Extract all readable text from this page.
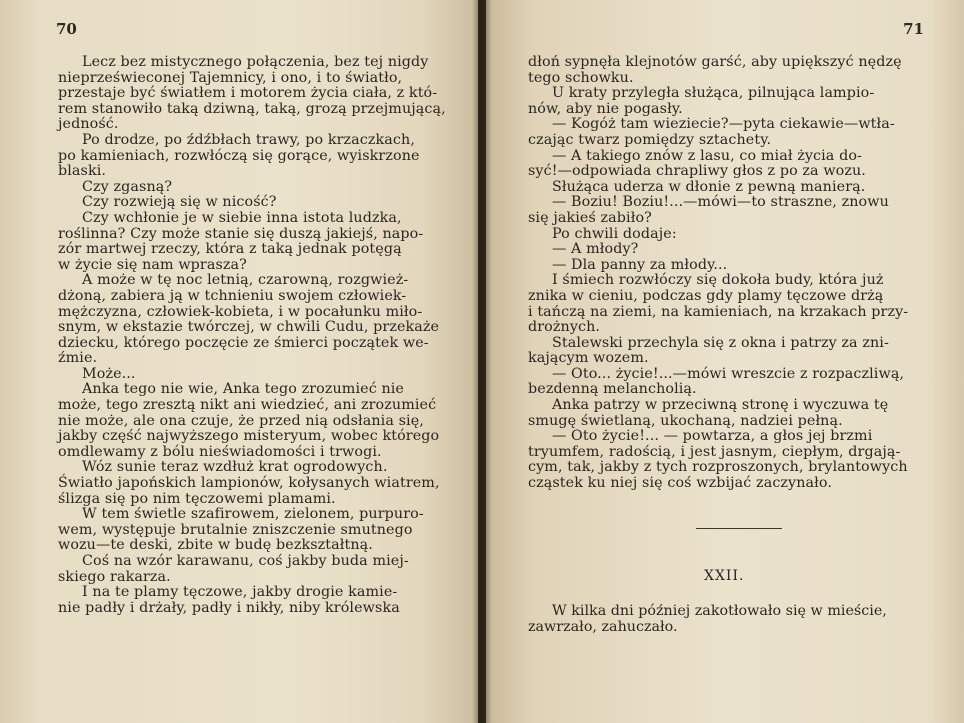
70
Lecz bez mistycznego połączenia, bez tej nigdy
nieprześwieconej Tajemnicy, i ono, i to światło,
przestaje być światłem i motorem życia ciała, z któ-
rem stanowiło taką dziwną, taką, grozą przejmującą,
jedność.
Po drodze, po źdźbłach trawy, po krzaczkach,
po kamieniach, rozwłóczą się gorące, wyiskrzone
blaski.
Czy zgasną?
Czy rozwieją się w nicość?
Czy wchłonie je w siebie inna istota ludzka,
roślinna? Czy może stanie się duszą jakiejś, napo-
zór martwej rzeczy, która z taką jednak potęgą
w życie się nam wprasza?
A może w tę noc letnią, czarowną, rozgwież-
dżoną, zabiera ją w tchnieniu swojem człowiek-
mężczyzna, człowiek-kobieta, i w pocałunku miło-
snym, w ekstazie twórczej, w chwili Cudu, przekaże
dziecku, którego poczęcie ze śmierci początek we-
źmie.
Może...
Anka tego nie wie, Anka tego zrozumieć nie
może, tego zresztą nikt ani wiedzieć, ani zrozumieć
nie może, ale ona czuje, że przed nią odsłania się,
jakby część najwyższego misteryum, wobec którego
omdlewamy z bólu nieświadomości i trwogi.
Wóz sunie teraz wzdłuż krat ogrodowych.
Światło japońskich lampionów, kołysanych wiatrem,
ślizga się po nim tęczowemi plamami.
W tem świetle szafirowem, zielonem, purpuro-
wem, występuje brutalnie zniszczenie smutnego
wozu—te deski, zbite w budę bezkształtną.
Coś na wzór karawanu, coś jakby buda miej-
skiego rakarza.
I na te plamy tęczowe, jakby drogie kamie-
nie padły i drżały, padły i nikły, niby królewska
71
dłoń sypnęła klejnotów garść, aby upiększyć nędzę
tego schowku.
U kraty przyległa służąca, pilnująca lampio-
nów, aby nie pogasły.
— Kogóż tam wieziecie?—pyta ciekawie—wtła-
czając twarz pomiędzy sztachety.
— A takiego znów z lasu, co miał życia do-
syć!—odpowiada chrapliwy głos z po za wozu.
Służąca uderza w dłonie z pewną manierą.
— Boziu! Boziu!...—mówi—to straszne, znowu
się jakieś zabiło?
Po chwili dodaje:
— A młody?
— Dla panny za młody...
I śmiech rozwłóczy się dokoła budy, która już
znika w cieniu, podczas gdy plamy tęczowe drżą
i tańczą na ziemi, na kamieniach, na krzakach przy-
drożnych.
Stalewski przechyla się z okna i patrzy za zni-
kającym wozem.
— Oto... życie!...—mówi wreszcie z rozpaczliwą,
bezdenną melancholią.
Anka patrzy w przeciwną stronę i wyczuwa tę
smugę świetlaną, ukochaną, nadziei pełną.
— Oto życie!... — powtarza, a głos jej brzmi
tryumfem, radością, i jest jasnym, ciepłym, drgają-
cym, tak, jakby z tych rozproszonych, brylantowych
cząstek ku niej się coś wzbijać zaczynało.
XXII.
W kilka dni później zakotłowało się w mieście,
zawrzało, zahuczało.
